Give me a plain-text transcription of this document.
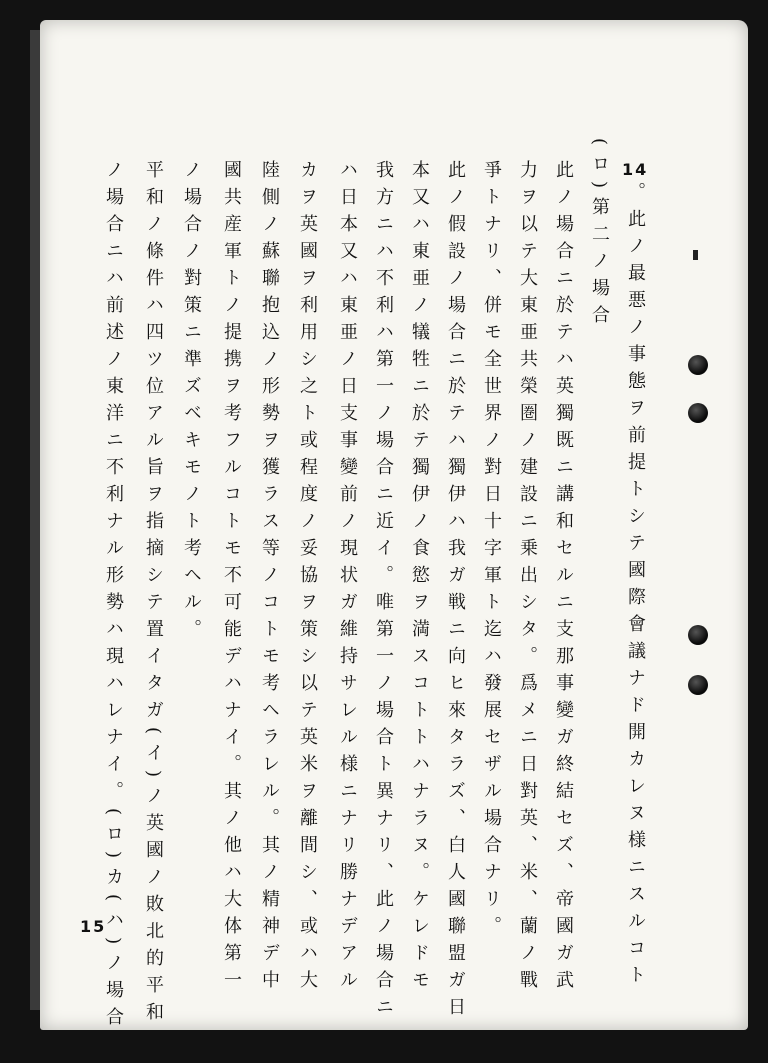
14
15	。此ノ最悪ノ事態ヲ前提トシテ國際會議ナド開カレヌ様ニスルコト
(ロ)第二ノ場合
此ノ場合ニ於テハ英獨既ニ講和セルニ支那事變ガ終結セズ、帝國ガ武
力ヲ以テ大東亜共榮圏ノ建設ニ乗出シタ。爲メニ日對英、米、蘭ノ戰
爭トナリ、併モ全世界ノ對日十字軍ト迄ハ發展セザル場合ナリ。
此ノ假設ノ場合ニ於テハ獨伊ハ我ガ戦ニ向ヒ來タラズ、白人國聯盟ガ日
本又ハ東亜ノ犠牲ニ於テ獨伊ノ食慾ヲ満スコトトハナラヌ。ケレドモ
我方ニハ不利ハ第一ノ場合ニ近イ。唯第一ノ場合ト異ナリ、此ノ場合ニ
ハ日本又ハ東亜ノ日支事變前ノ現状ガ維持サレル様ニナリ勝ナデアル
カヲ英國ヲ利用シ之ト或程度ノ妥協ヲ策シ以テ英米ヲ離間シ、或ハ大
陸側ノ蘇聯抱込ノ形勢ヲ獲ラス等ノコトモ考ヘラレル。其ノ精神デ中
國共産軍トノ提携ヲ考フルコトモ不可能デハナイ。其ノ他ハ大体第一
ノ場合ノ對策ニ準ズベキモノト考ヘル。
平和ノ條件ハ四ツ位アル旨ヲ指摘シテ置イタガ(イ)ノ英國ノ敗北的平和
ノ場合ニハ前述ノ東洋ニ不利ナル形勢ハ現ハレナイ。(ロ)カ(ハ)ノ場合
